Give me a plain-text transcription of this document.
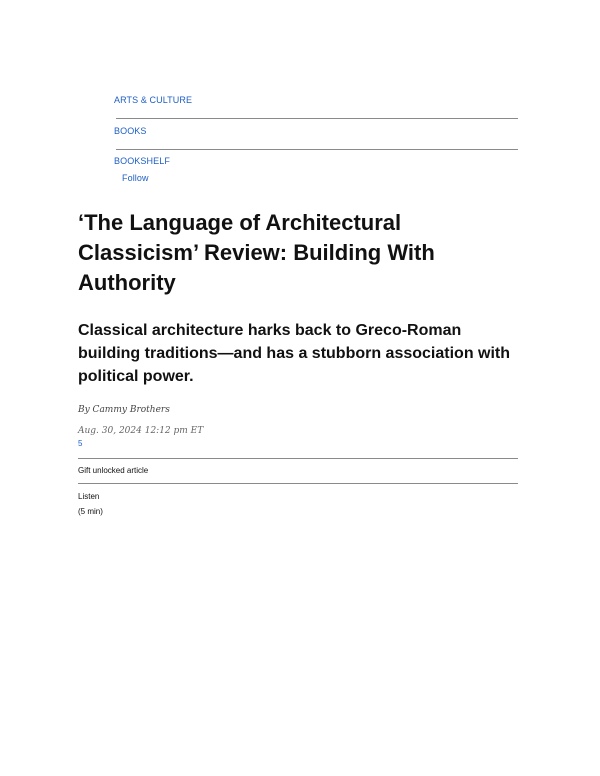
ARTS & CULTURE
BOOKS
BOOKSHELF
Follow
‘The Language of Architectural Classicism’ Review: Building With Authority
Classical architecture harks back to Greco-Roman building traditions—and has a stubborn association with political power.
By Cammy Brothers
Aug. 30, 2024 12:12 pm ET
5
Gift unlocked article
Listen
(5 min)
